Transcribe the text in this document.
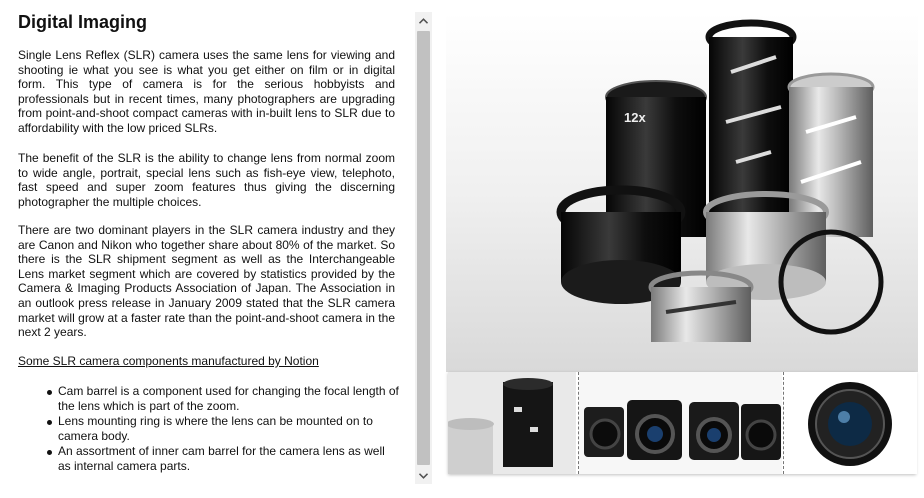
Digital Imaging

Single Lens Reflex (SLR) camera uses the same lens for viewing and shooting ie what you see is what you get either on film or in digital form. This type of camera is for the serious hobbyists and professionals but in recent times, many photographers are upgrading from point-and-shoot compact cameras with in-built lens to SLR due to affordability with the low priced SLRs.

The benefit of the SLR is the ability to change lens from normal zoom to wide angle, portrait, special lens such as fish-eye view, telephoto, fast speed and super zoom features thus giving the discerning photographer the multiple choices.

There are two dominant players in the SLR camera industry and they are Canon and Nikon who together share about 80% of the market. So there is the SLR shipment segment as well as the Interchangeable Lens market segment which are covered by statistics provided by the Camera & Imaging Products Association of Japan. The Association in an outlook press release in January 2009 stated that the SLR camera market will grow at a faster rate than the point-and-shoot camera in the next 2 years.

Some SLR camera components manufactured by Notion
Cam barrel is a component used for changing the focal length of the lens which is part of the zoom.
Lens mounting ring is where the lens can be mounted on to camera body.
An assortment of inner cam barrel for the camera lens as well as internal camera parts.
12x
